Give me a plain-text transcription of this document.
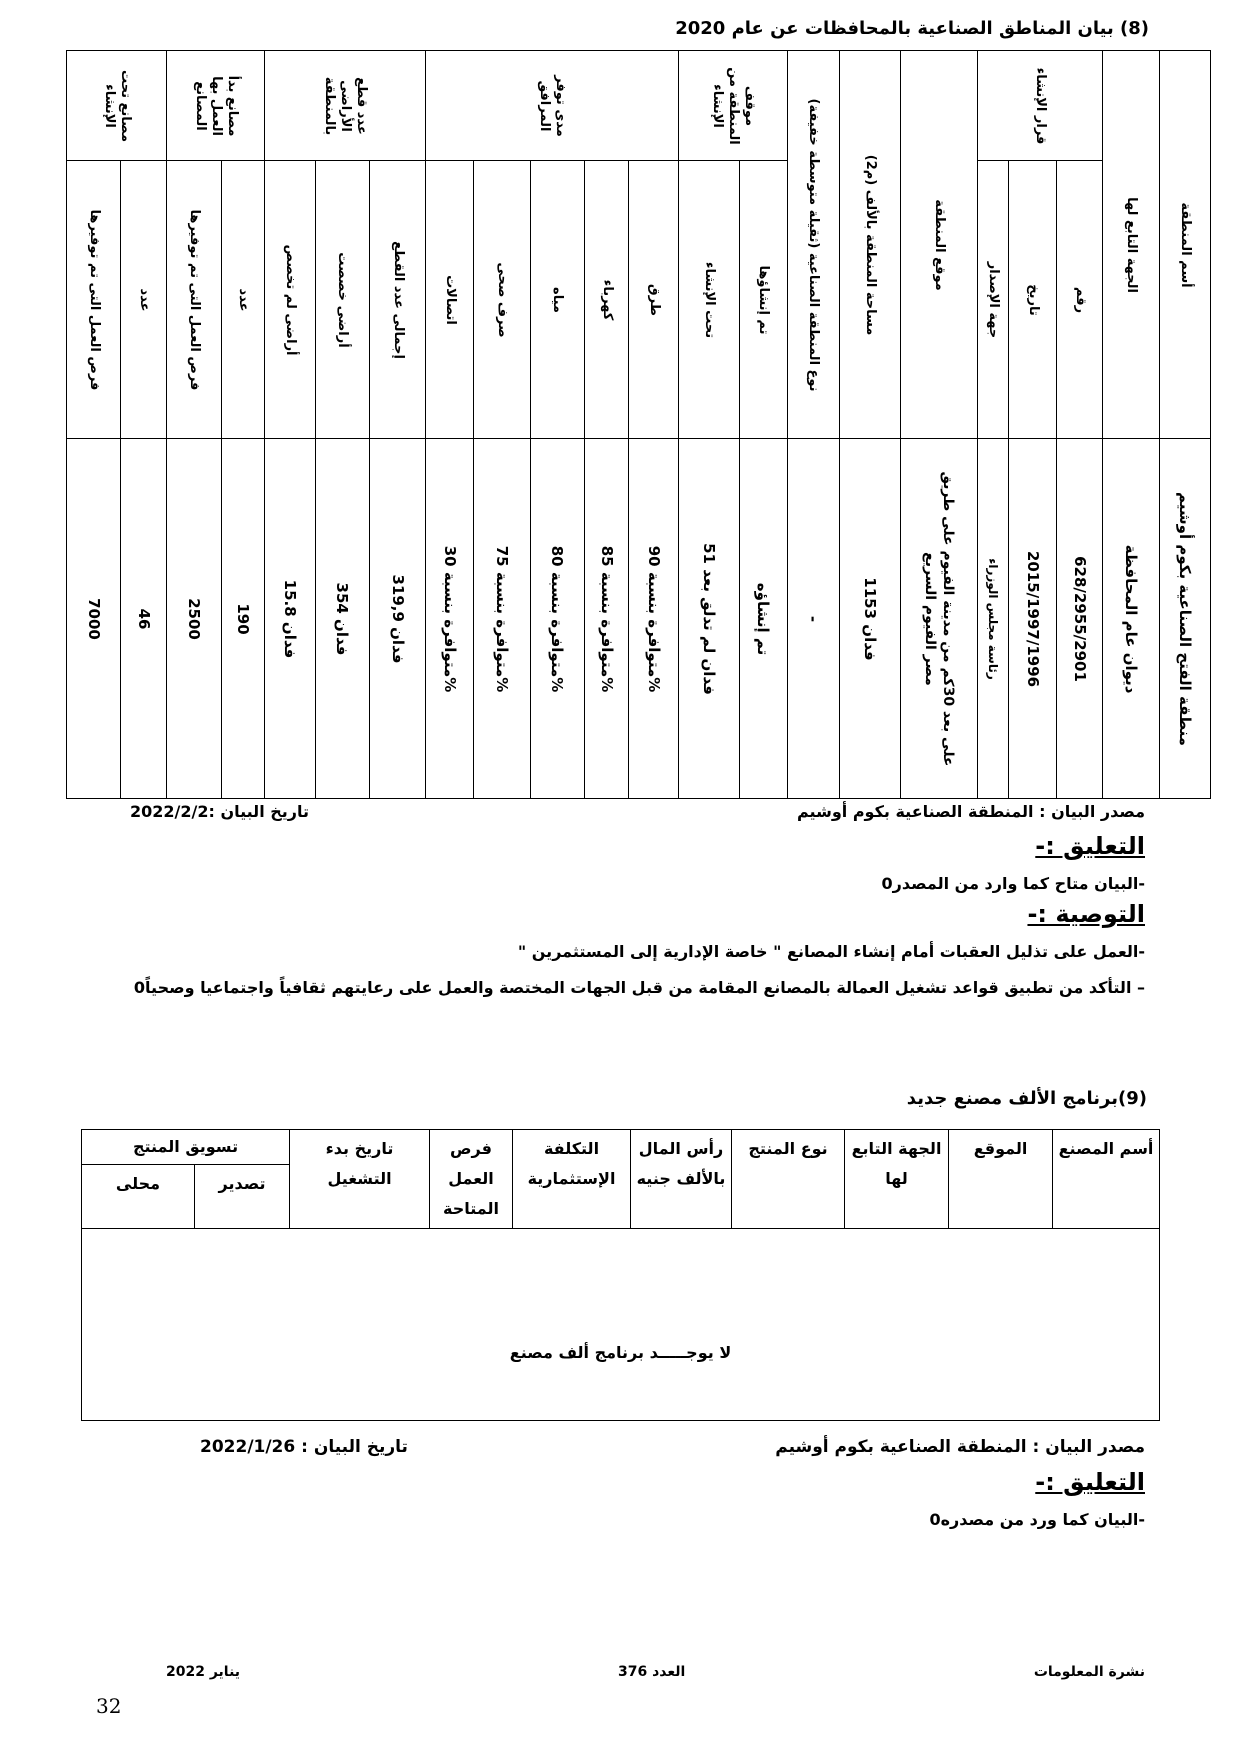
(8) بيان المناطق الصناعية بالمحافظات عن عام 2020
مصانع تحت الإنشاء		مصانع بدأ العمل بها المصانع		عدد قطع الأراضى بالمنطقة			مدى توفر المرافق					موقف المنطقة من الإنشاء		نوع المنطقة الصناعية (ثقيلة متوسطة خفيفة)	مساحة المنطقة بالألف (م2)	موقع المنطقة	قرار الإنشاء			الجهة التابع لها	أسم المنطقة

فرص العمل التى تم توفيرها	عدد	فرص العمل التى تم توفيرها	عدد	أراضى لم تخصص	أراضى خصصت	إجمالى عدد القطع	اتصالات	صرف صحى	مياه	كهرباء	طرق	تحت الإنشاء	تم إنشاؤها				جهة الإصدار	تاريخ	رقم		

7000	46	2500	190	15.8 فدان	354 فدان	319,9 فدان	متوافرة بنسبة 30%	متوافرة بنسبة 75%	متوافرة بنسبة 80%	متوافرة بنسبة 85%	متوافرة بنسبة 90%	51 فدان لم تدلق بعد	تم إنشاؤه	-	1153 فدان	على بعد 30كم من مدينة الفيوم على طريق مصر الفيوم السريع	رئاسة مجلس الوزراء	2015/1997/1996	628/2955/2901	ديوان عام المحافظة	منطقة الفتح الصناعية بكوم أوشيم
مصدر البيان : المنطقة الصناعية بكوم أوشيم
تاريخ البيان :2022/2/2
التعليق :-
-البيان متاح كما وارد من المصدر0
التوصية :-
-العمل على تذليل العقبات أمام إنشاء المصانع " خاصة الإدارية إلى المستثمرين "
– التأكد من تطبيق قواعد تشغيل العمالة بالمصانع المقامة من قبل الجهات المختصة والعمل على رعايتهم ثقافياً واجتماعيا وصحياً0
(9)برنامج الألف مصنع جديد
أسم المصنع	الموقع	الجهة التابع لها	نوع المنتج	رأس المال بالألف جنيه	التكلفة الإستثمارية	فرص العمل المتاحة	تاريخ بدء التشغيل	تسويق المنتج	
								تصدير	محلى
لا يوجـــــد برنامج ألف مصنع									
مصدر البيان : المنطقة الصناعية بكوم أوشيم
تاريخ البيان : 2022/1/26
التعليق :-
-البيان كما ورد من مصدره0
نشرة المعلومات
العدد 376
يناير 2022
32
